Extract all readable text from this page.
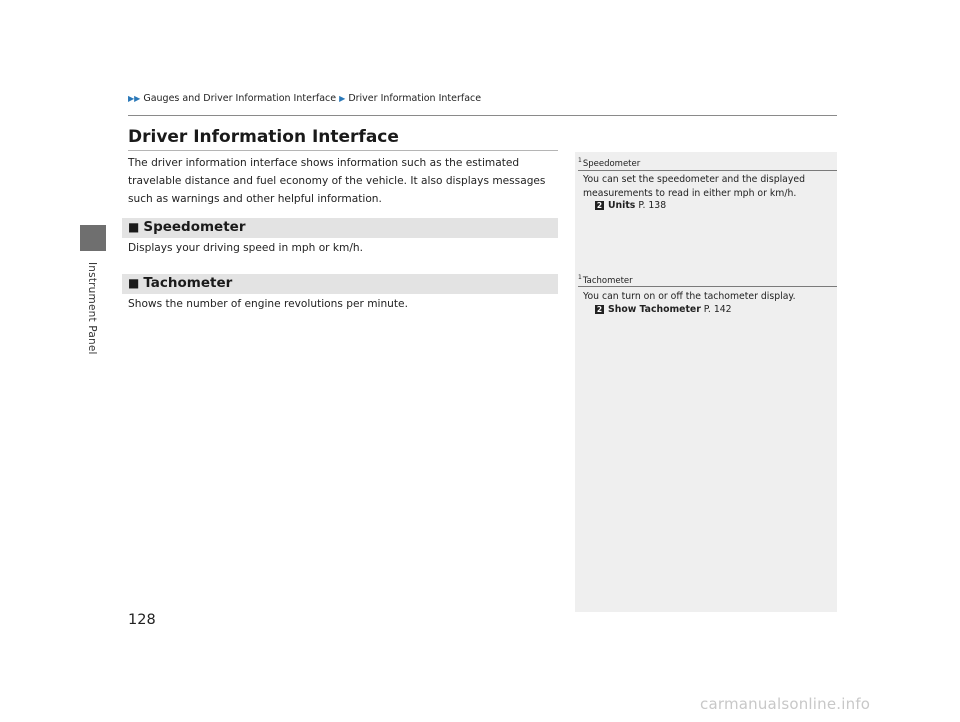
Instrument Panel
▶▶ Gauges and Driver Information Interface ▶ Driver Information Interface
Driver Information Interface
The driver information interface shows information such as the estimated travelable distance and fuel economy of the vehicle. It also displays messages such as warnings and other helpful information.
■ Speedometer
Displays your driving speed in mph or km/h.
■ Tachometer
Shows the number of engine revolutions per minute.
$^1$Speedometer
You can set the speedometer and the displayed measurements to read in either mph or km/h.
2 Units P. 138
$^1$Tachometer
You can turn on or off the tachometer display.
2 Show Tachometer P. 142
128
carmanualsonline.info
